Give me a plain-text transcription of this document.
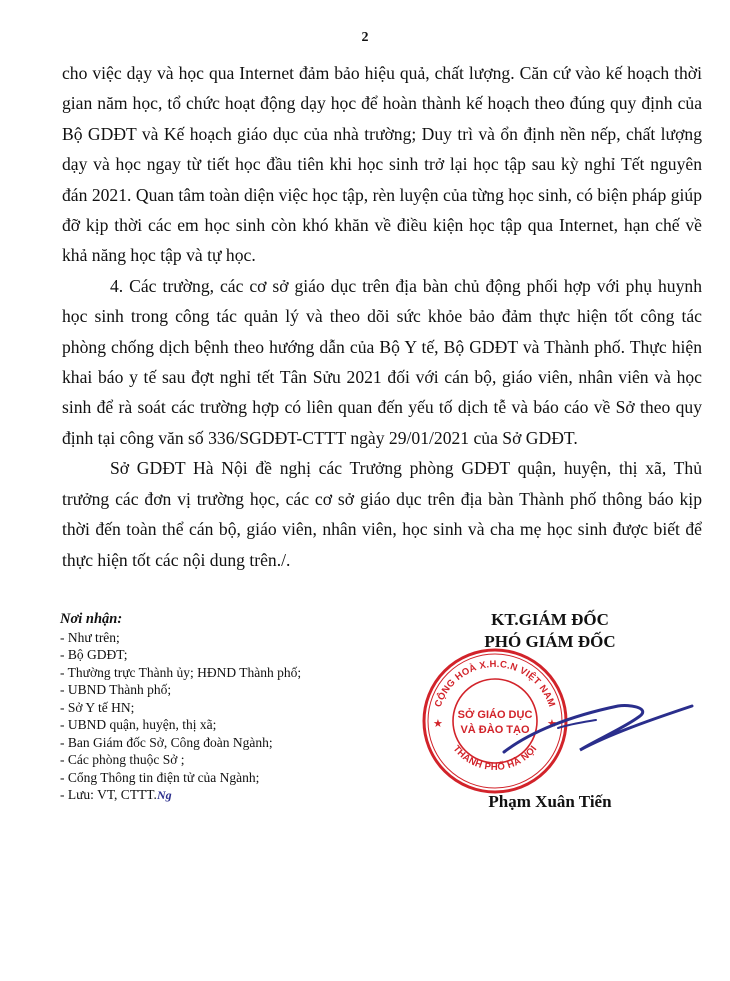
2

cho việc dạy và học qua Internet đảm bảo hiệu quả, chất lượng. Căn cứ vào kế hoạch thời gian năm học, tổ chức hoạt động dạy học để hoàn thành kế hoạch theo đúng quy định của Bộ GDĐT và Kế hoạch giáo dục của nhà trường; Duy trì và ổn định nền nếp, chất lượng dạy và học ngay từ tiết học đầu tiên khi học sinh trở lại học tập sau kỳ nghỉ Tết nguyên đán 2021. Quan tâm toàn diện việc học tập, rèn luyện của từng học sinh, có biện pháp giúp đỡ kịp thời các em học sinh còn khó khăn về điều kiện học tập qua Internet, hạn chế về khả năng học tập và tự học.

4. Các trường, các cơ sở giáo dục trên địa bàn chủ động phối hợp với phụ huynh học sinh trong công tác quản lý và theo dõi sức khỏe bảo đảm thực hiện tốt công tác phòng chống dịch bệnh theo hướng dẫn của Bộ Y tế, Bộ GDĐT và Thành phố. Thực hiện khai báo y tế sau đợt nghỉ tết Tân Sửu 2021 đối với cán bộ, giáo viên, nhân viên và học sinh để rà soát các trường hợp có liên quan đến yếu tố dịch tễ và báo cáo về Sở theo quy định tại công văn số 336/SGDĐT-CTTT ngày 29/01/2021 của Sở GDĐT.

Sở GDĐT Hà Nội đề nghị các Trưởng phòng GDĐT quận, huyện, thị xã, Thủ trưởng các đơn vị trường học, các cơ sở giáo dục trên địa bàn Thành phố thông báo kịp thời đến toàn thể cán bộ, giáo viên, nhân viên, học sinh và cha mẹ học sinh được biết để thực hiện tốt các nội dung trên./.

Nơi nhận:
- Như trên;
- Bộ GDĐT;
- Thường trực Thành ủy; HĐND Thành phố;
- UBND Thành phố;
- Sở Y tế HN;
- UBND quận, huyện, thị xã;
- Ban Giám đốc Sở, Công đoàn Ngành;
- Các phòng thuộc Sở ;
- Cổng Thông tin điện tử của Ngành;
- Lưu: VT, CTTT.Ng
KT.GIÁM ĐỐC
PHÓ GIÁM ĐỐC
★	★
CỘNG HOÀ X.H.C.N VIỆT NAM
THÀNH PHỐ HÀ NỘI
SỞ GIÁO DỤC
VÀ ĐÀO TẠO
Phạm Xuân Tiến
